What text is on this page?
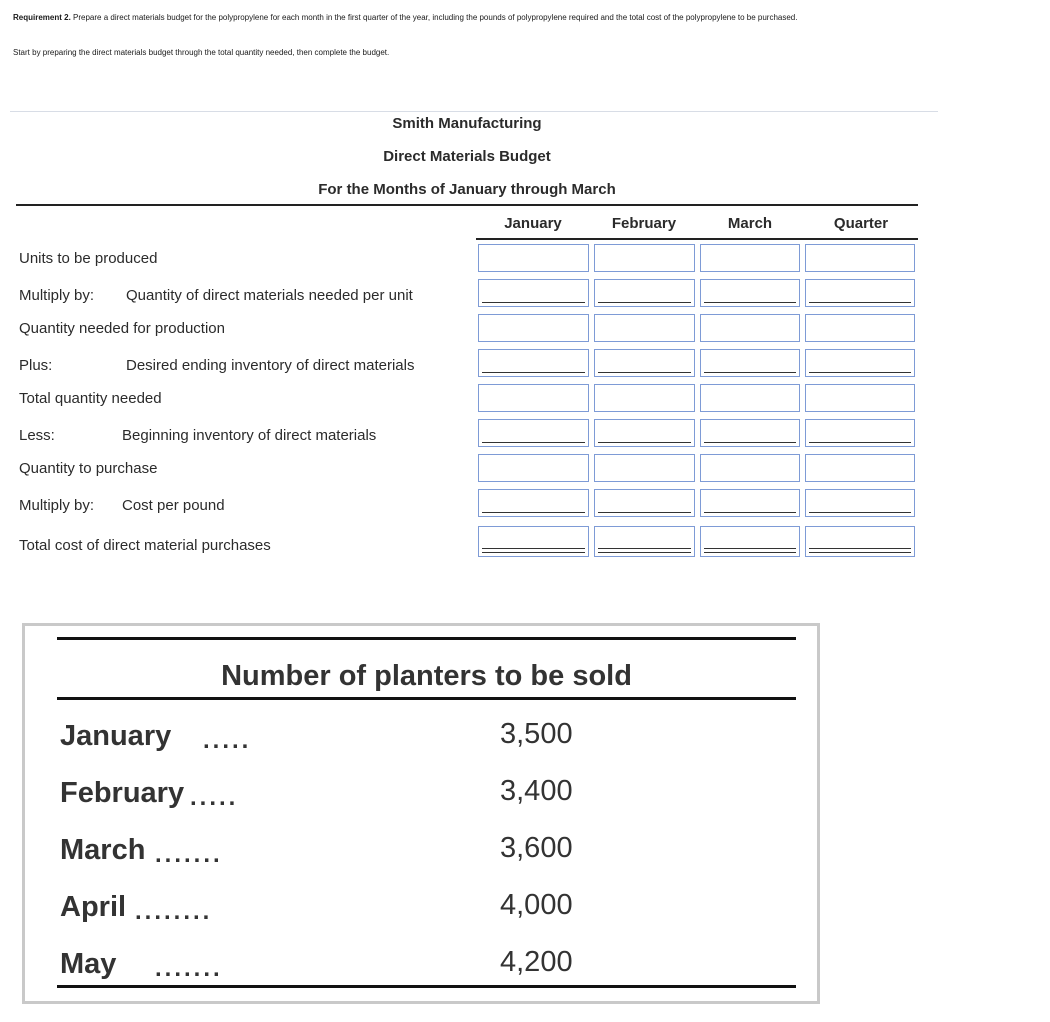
Requirement 2. Prepare a direct materials budget for the polypropylene for each month in the first quarter of the year, including the pounds of polypropylene required and the total cost of the polypropylene to be purchased.
Start by preparing the direct materials budget through the total quantity needed, then complete the budget.
Smith Manufacturing
Direct Materials Budget
For the Months of January through March
January	February	March	Quarter
Units to be produced
Multiply by: Quantity of direct materials needed per unit
Quantity needed for production
Plus:	Desired ending inventory of direct materials
Total quantity needed
Less:	Beginning inventory of direct materials
Quantity to purchase
Multiply by: Cost per pound
Total cost of direct material purchases
Number of planters to be sold
January .....	3,500
February .....	3,400
March .......	3,600
April ........	4,000
May .......	4,200
